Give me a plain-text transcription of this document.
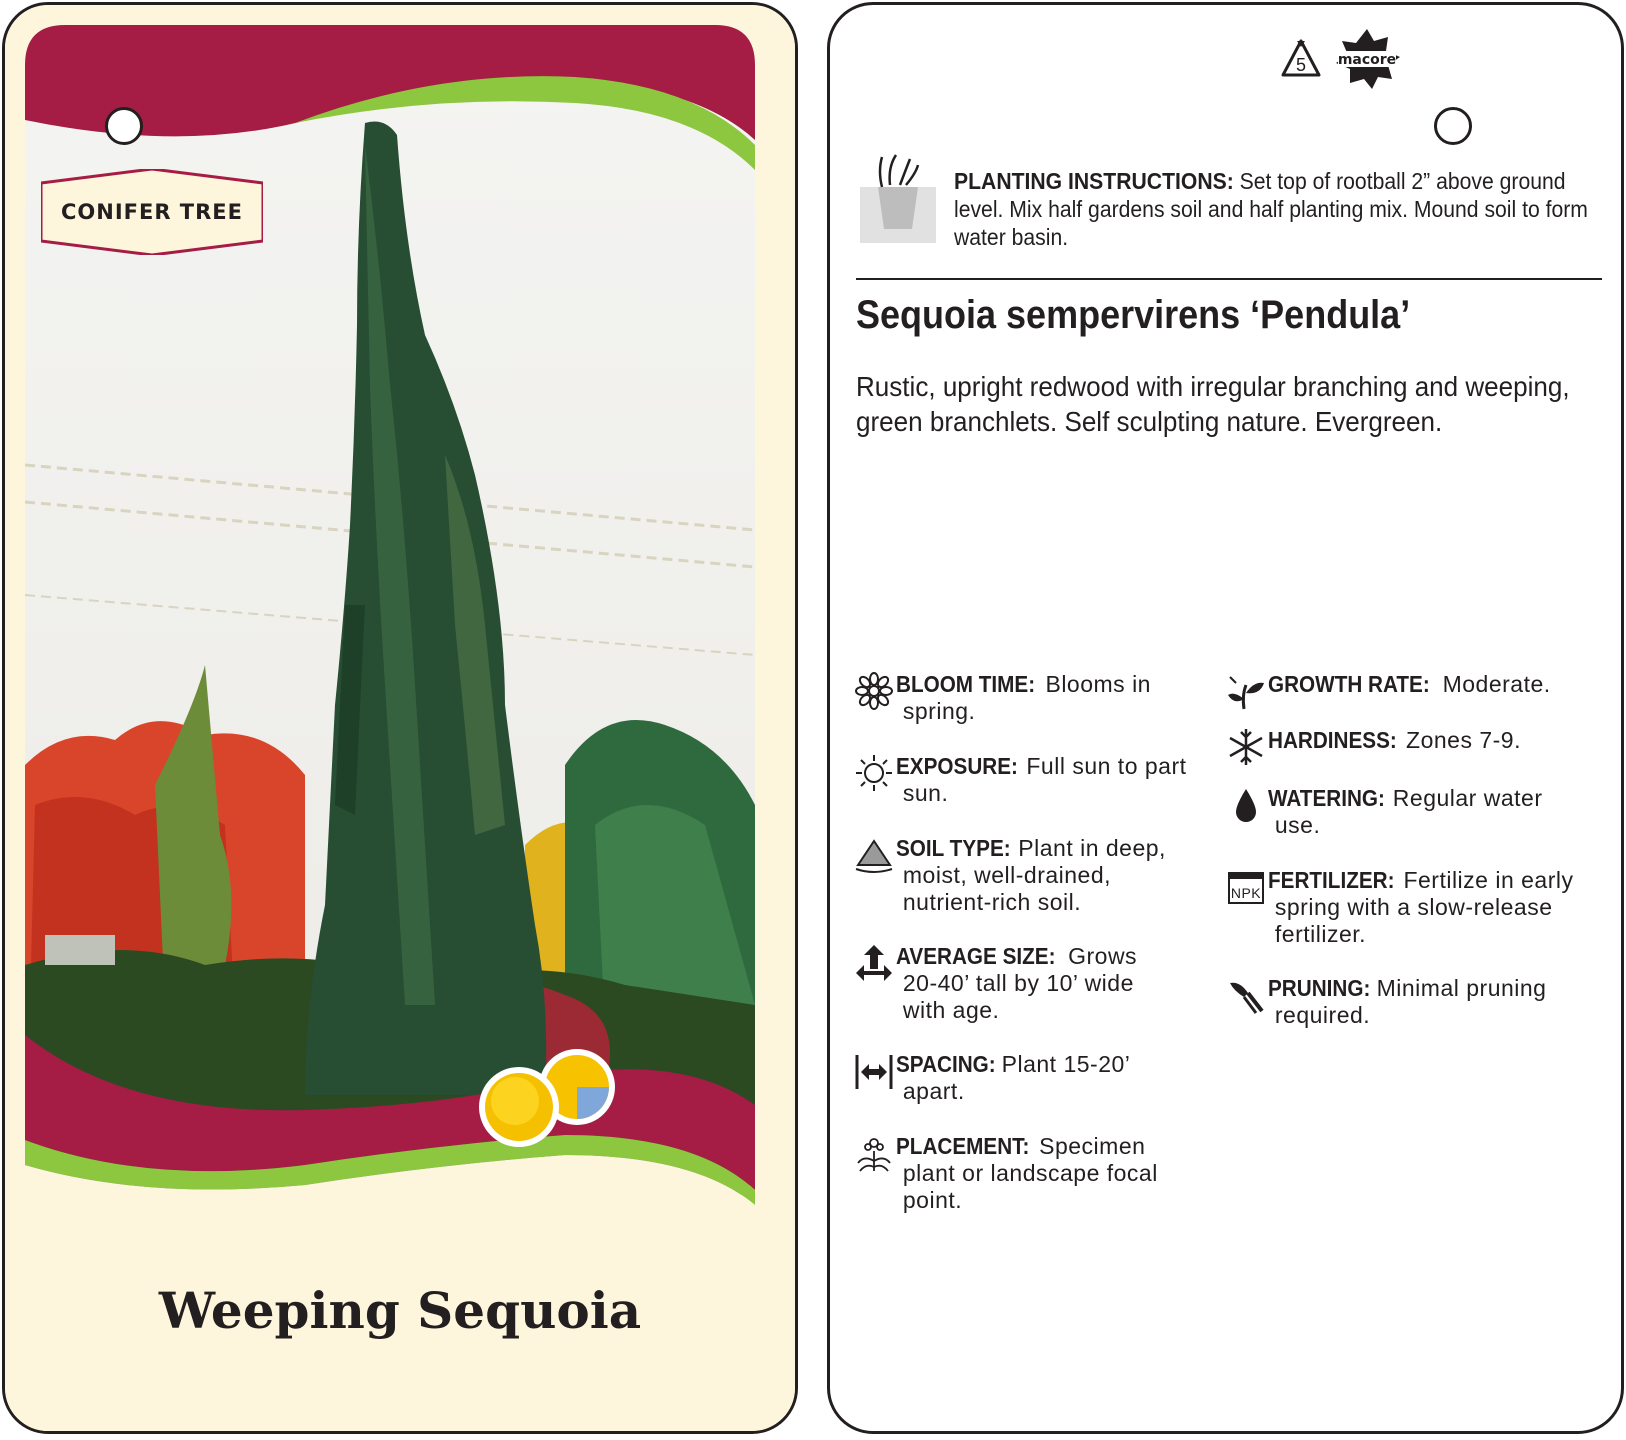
CONIFER TREE
Weeping Sequoia
5 macore
PLANTING INSTRUCTIONS: Set top of rootball 2” above ground level. Mix half gardens soil and half planting mix. Mound soil to form water basin.
Sequoia sempervirens ‘Pendula’
Rustic, upright redwood with irregular branching and weeping, green branchlets. Self sculpting nature. Evergreen.
BLOOM TIME: Blooms in
spring.
EXPOSURE: Full sun to part
sun.
SOIL TYPE: Plant in deep,
moist, well-drained,
nutrient-rich soil.
AVERAGE SIZE: Grows
20-40’ tall by 10’ wide
with age.
SPACING: Plant 15-20’
apart.
PLACEMENT: Specimen
plant or landscape focal
point.
GROWTH RATE: Moderate.
HARDINESS: Zones 7-9.
WATERING: Regular water
use.
NPK FERTILIZER: Fertilize in early
spring with a slow-release
fertilizer.
PRUNING: Minimal pruning
required.
